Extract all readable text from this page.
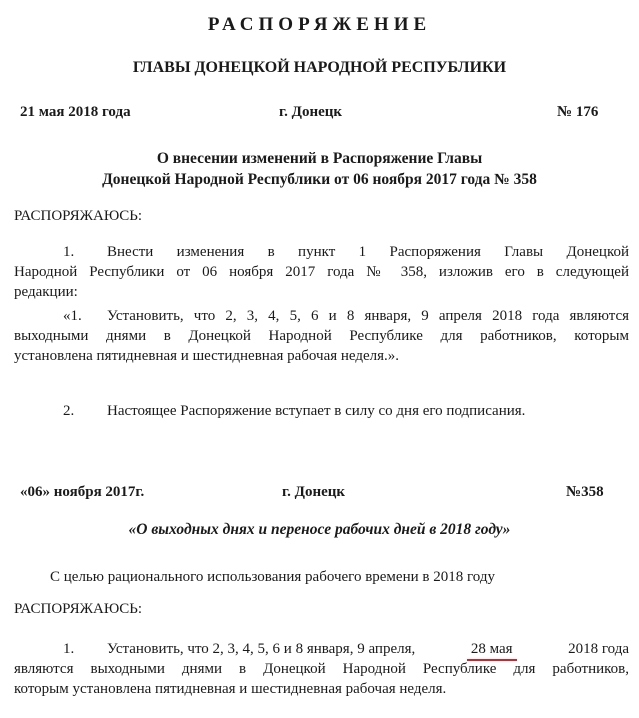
РАСПОРЯЖЕНИЕ
ГЛАВЫ ДОНЕЦКОЙ НАРОДНОЙ РЕСПУБЛИКИ
21 мая 2018 года	г. Донецк	№ 176
О внесении изменений в Распоряжение Главы
Донецкой Народной Республики от 06 ноября 2017 года № 358
РАСПОРЯЖАЮСЬ:
1. Внести изменения в пункт 1 Распоряжения Главы Донецкой
Народной Республики от 06 ноября 2017 года № 358, изложив его в следующей
редакции:
«1. Установить, что 2, 3, 4, 5, 6 и 8 января, 9 апреля 2018 года являются
выходными днями в Донецкой Народной Республике для работников, которым
установлена пятидневная и шестидневная рабочая неделя.».
2. Настоящее Распоряжение вступает в силу со дня его подписания.
«06» ноября 2017г.	г. Донецк	№358
«О выходных днях и переносе рабочих дней в 2018 году»
С целью рационального использования рабочего времени в 2018 году
РАСПОРЯЖАЮСЬ:
1. Установить, что 2, 3, 4, 5, 6 и 8 января, 9 апреля,	28 мая	2018 года
являются выходными днями в Донецкой Народной Республике для работников,
которым установлена пятидневная и шестидневная рабочая неделя.
